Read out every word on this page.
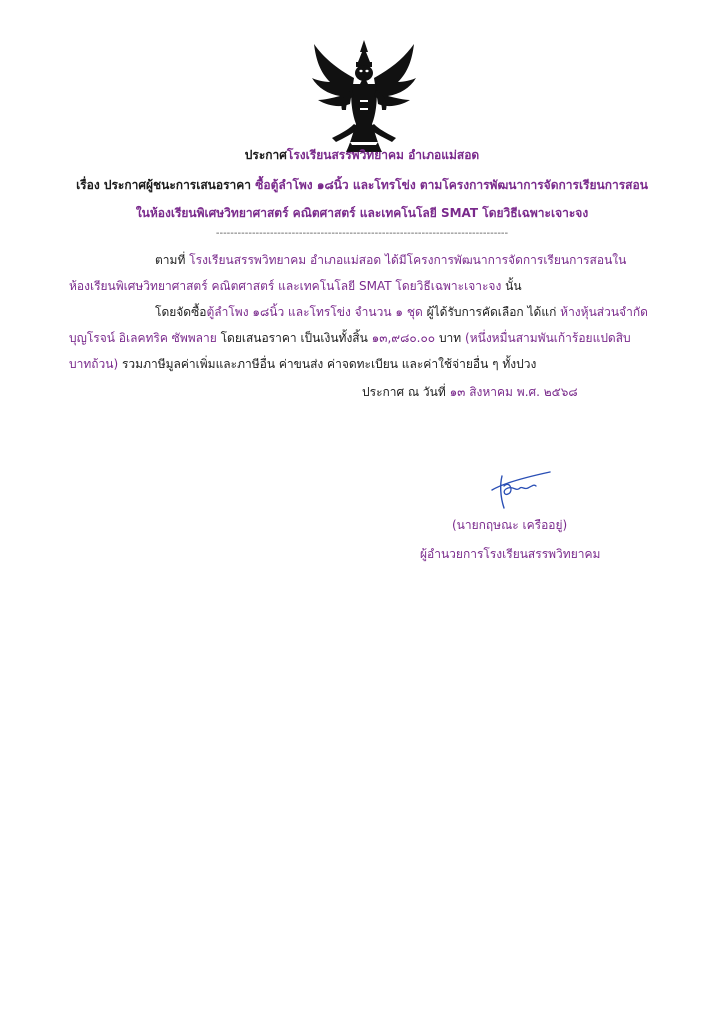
ประกาศโรงเรียนสรรพวิทยาคม อำเภอแม่สอด
เรื่อง ประกาศผู้ชนะการเสนอราคา ซื้อตู้ลำโพง ๑๘นิ้ว และโทรโข่ง ตามโครงการพัฒนาการจัดการเรียนการสอน
ในห้องเรียนพิเศษวิทยาศาสตร์ คณิตศาสตร์ และเทคโนโลยี SMAT โดยวิธีเฉพาะเจาะจง
---------------------------------------------------------------------------------
ตามที่ โรงเรียนสรรพวิทยาคม อำเภอแม่สอด ได้มีโครงการพัฒนาการจัดการเรียนการสอนใน
ห้องเรียนพิเศษวิทยาศาสตร์ คณิตศาสตร์ และเทคโนโลยี SMAT โดยวิธีเฉพาะเจาะจง นั้น
โดยจัดซื้อตู้ลำโพง ๑๘นิ้ว และโทรโข่ง จำนวน ๑ ชุด ผู้ได้รับการคัดเลือก ได้แก่ ห้างหุ้นส่วนจำกัด
บุญโรจน์ อิเลคทริค ซัพพลาย โดยเสนอราคา เป็นเงินทั้งสิ้น ๑๓,๙๘๐.๐๐ บาท (หนึ่งหมื่นสามพันเก้าร้อยแปดสิบ
บาทถ้วน) รวมภาษีมูลค่าเพิ่มและภาษีอื่น ค่าขนส่ง ค่าจดทะเบียน และค่าใช้จ่ายอื่น ๆ ทั้งปวง
ประกาศ ณ วันที่ ๑๓ สิงหาคม พ.ศ. ๒๕๖๘
(นายกฤษณะ เครืออยู่)
ผู้อำนวยการโรงเรียนสรรพวิทยาคม
